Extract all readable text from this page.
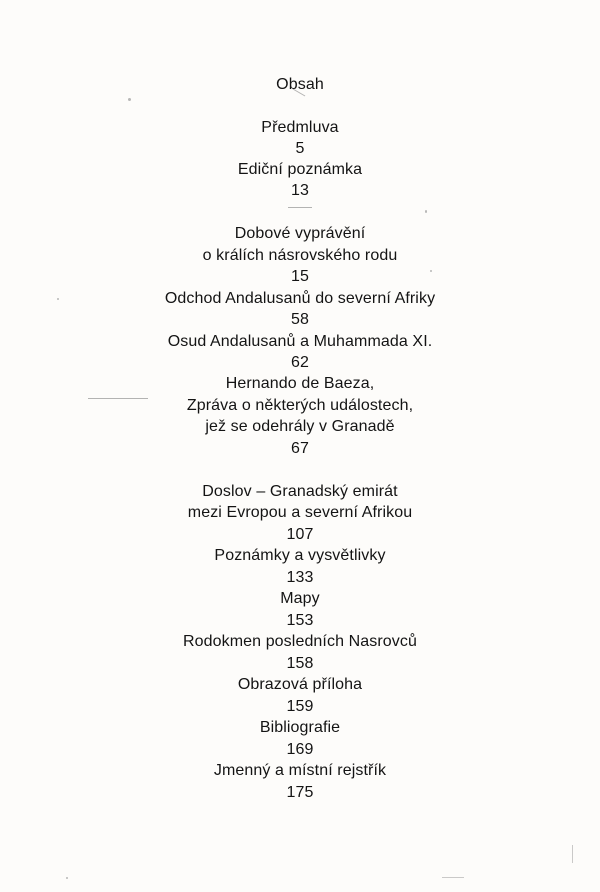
Obsah
Předmluva
5
Ediční poznámka
13
Dobové vyprávění
o králích násrovského rodu
15
Odchod Andalusanů do severní Afriky
58
Osud Andalusanů a Muhammada XI.
62
Hernando de Baeza,
Zpráva o některých událostech,
jež se odehrály v Granadě
67
Doslov – Granadský emirát
mezi Evropou a severní Afrikou
107
Poznámky a vysvětlivky
133
Mapy
153
Rodokmen posledních Nasrovců
158
Obrazová příloha
159
Bibliografie
169
Jmenný a místní rejstřík
175
